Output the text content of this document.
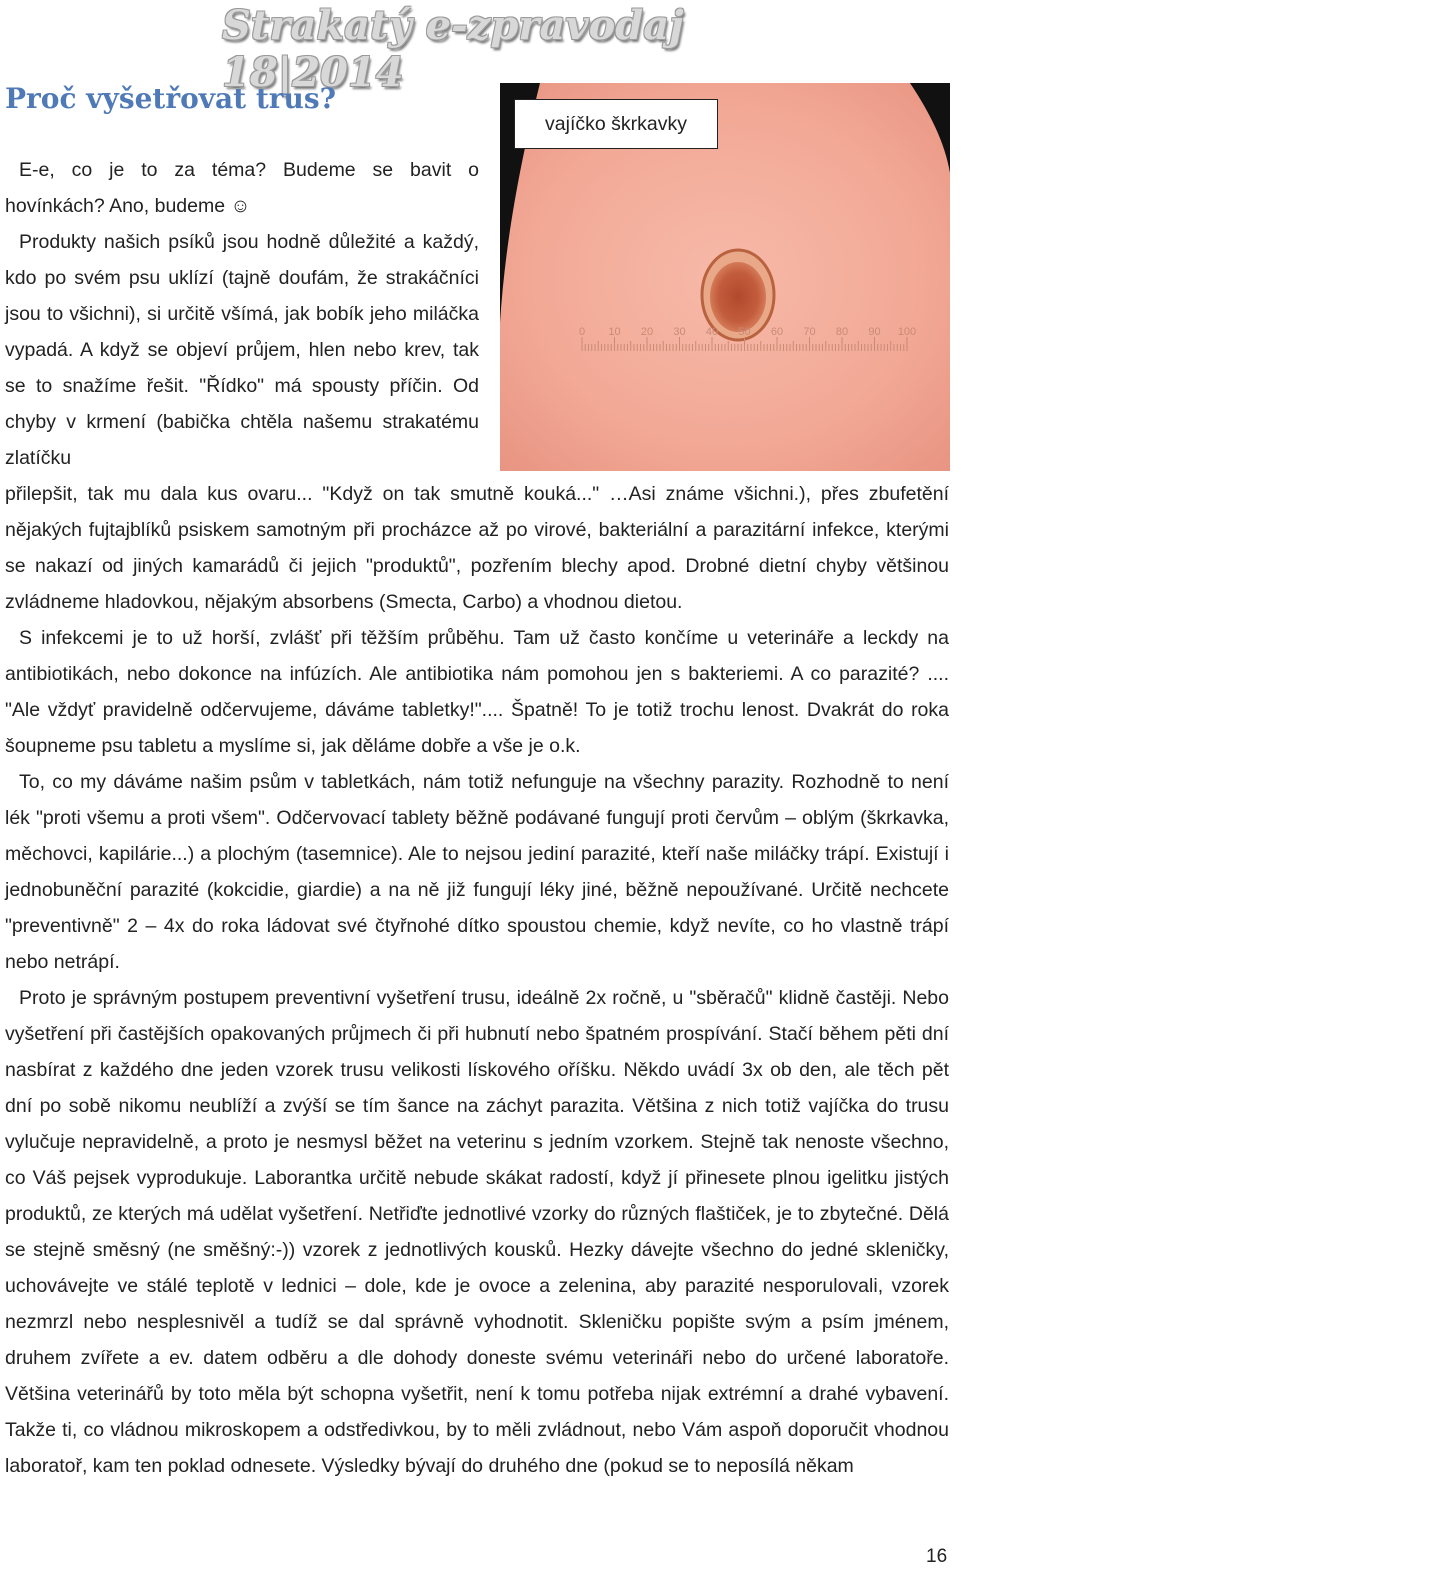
Strakatý e-zpravodaj 18|2014
Proč vyšetřovat trus?

E-e, co je to za téma? Budeme se bavit o hovínkách? Ano, budeme ☺

Produkty našich psíků jsou hodně důležité a každý, kdo po svém psu uklízí (tajně doufám, že strakáčníci jsou to všichni), si určitě všímá, jak bobík jeho miláčka vypadá. A když se objeví průjem, hlen nebo krev, tak se to snažíme řešit. "Řídko" má spousty příčin. Od chyby v krmení (babička chtěla našemu strakatému zlatíčku

0 10 20 30 40 50 60 70 80 90 100
LeaWill
vajíčko škrkavky

přilepšit, tak mu dala kus ovaru... "Když on tak smutně kouká..." …Asi známe všichni.), přes zbufetění nějakých fujtajblíků psiskem samotným při procházce až po virové, bakteriální a parazitární infekce, kterými se nakazí od jiných kamarádů či jejich "produktů", pozřením blechy apod. Drobné dietní chyby většinou zvládneme hladovkou, nějakým absorbens (Smecta, Carbo) a vhodnou dietou.

S infekcemi je to už horší, zvlášť při těžším průběhu. Tam už často končíme u veterináře a leckdy na antibiotikách, nebo dokonce na infúzích. Ale antibiotika nám pomohou jen s bakteriemi. A co parazité? .... "Ale vždyť pravidelně odčervujeme, dáváme tabletky!".... Špatně! To je totiž trochu lenost. Dvakrát do roka šoupneme psu tabletu a myslíme si, jak děláme dobře a vše je o.k.

To, co my dáváme našim psům v tabletkách, nám totiž nefunguje na všechny parazity. Rozhodně to není lék "proti všemu a proti všem". Odčervovací tablety běžně podávané fungují proti červům – oblým (škrkavka, měchovci, kapilárie...) a plochým (tasemnice). Ale to nejsou jediní parazité, kteří naše miláčky trápí. Existují i jednobuněční parazité (kokcidie, giardie) a na ně již fungují léky jiné, běžně nepoužívané. Určitě nechcete "preventivně" 2 – 4x do roka ládovat své čtyřnohé dítko spoustou chemie, když nevíte, co ho vlastně trápí nebo netrápí.

Proto je správným postupem preventivní vyšetření trusu, ideálně 2x ročně, u "sběračů" klidně častěji. Nebo vyšetření při častějších opakovaných průjmech či při hubnutí nebo špatném prospívání. Stačí během pěti dní nasbírat z každého dne jeden vzorek trusu velikosti lískového oříšku. Někdo uvádí 3x ob den, ale těch pět dní po sobě nikomu neublíží a zvýší se tím šance na záchyt parazita. Většina z nich totiž vajíčka do trusu vylučuje nepravidelně, a proto je nesmysl běžet na veterinu s jedním vzorkem. Stejně tak nenoste všechno, co Váš pejsek vyprodukuje. Laborantka určitě nebude skákat radostí, když jí přinesete plnou igelitku jistých produktů, ze kterých má udělat vyšetření. Netřiďte jednotlivé vzorky do různých flaštiček, je to zbytečné. Dělá se stejně směsný (ne směšný:-)) vzorek z jednotlivých kousků. Hezky dávejte všechno do jedné skleničky, uchovávejte ve stálé teplotě v lednici – dole, kde je ovoce a zelenina, aby parazité nesporulovali, vzorek nezmrzl nebo nesplesnivěl a tudíž se dal správně vyhodnotit. Skleničku popište svým a psím jménem, druhem zvířete a ev. datem odběru a dle dohody doneste svému veterináři nebo do určené laboratoře. Většina veterinářů by toto měla být schopna vyšetřit, není k tomu potřeba nijak extrémní a drahé vybavení. Takže ti, co vládnou mikroskopem a odstředivkou, by to měli zvládnout, nebo Vám aspoň doporučit vhodnou laboratoř, kam ten poklad odnesete. Výsledky bývají do druhého dne (pokud se to neposílá někam

16
